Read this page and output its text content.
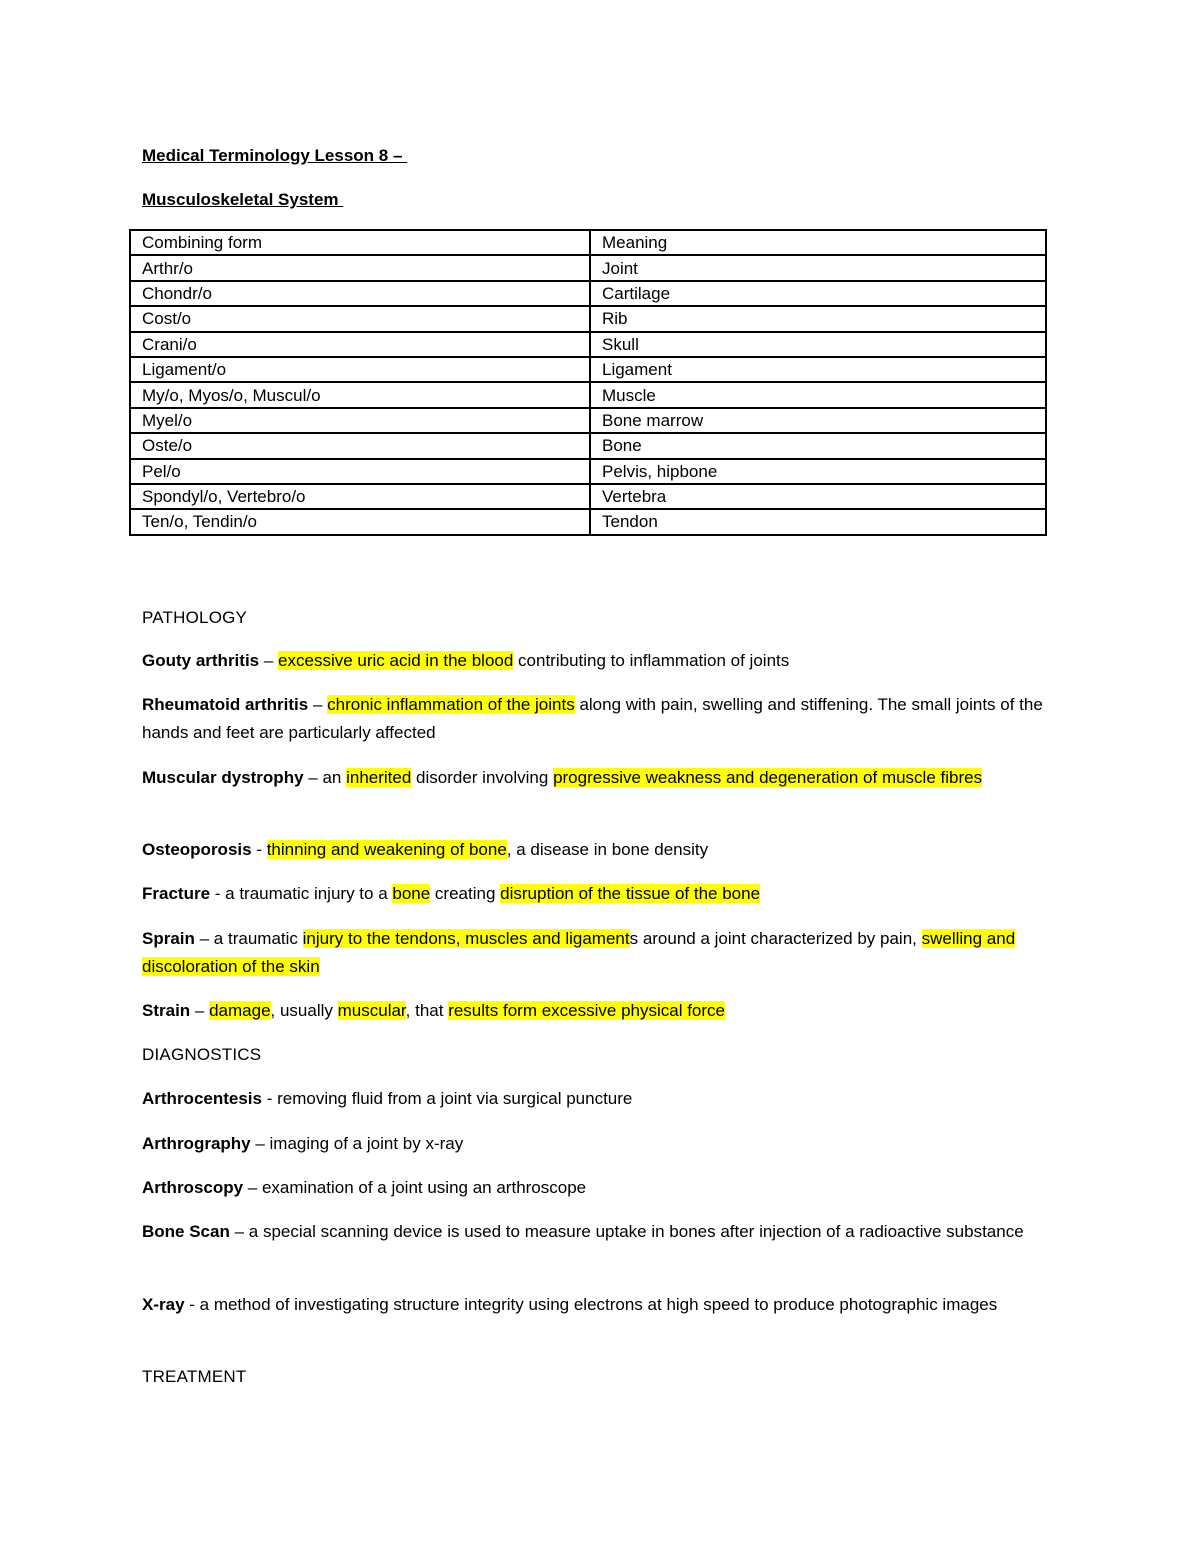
Medical Terminology Lesson 8 –
Musculoskeletal System
Combining form	Meaning
Arthr/o	Joint
Chondr/o	Cartilage
Cost/o	Rib
Crani/o	Skull
Ligament/o	Ligament
My/o, Myos/o, Muscul/o	Muscle
Myel/o	Bone marrow
Oste/o	Bone
Pel/o	Pelvis, hipbone
Spondyl/o, Vertebro/o	Vertebra
Ten/o, Tendin/o	Tendon
PATHOLOGY
Gouty arthritis – excessive uric acid in the blood contributing to inflammation of joints
Rheumatoid arthritis – chronic inflammation of the joints along with pain, swelling and stiffening. The small joints of the hands and feet are particularly affected
Muscular dystrophy – an inherited disorder involving progressive weakness and degeneration of muscle fibres
Osteoporosis - thinning and weakening of bone, a disease in bone density
Fracture - a traumatic injury to a bone creating disruption of the tissue of the bone
Sprain – a traumatic injury to the tendons, muscles and ligaments around a joint characterized by pain, swelling and discoloration of the skin
Strain – damage, usually muscular, that results form excessive physical force
DIAGNOSTICS
Arthrocentesis - removing fluid from a joint via surgical puncture
Arthrography – imaging of a joint by x-ray
Arthroscopy – examination of a joint using an arthroscope
Bone Scan – a special scanning device is used to measure uptake in bones after injection of a radioactive substance
X-ray - a method of investigating structure integrity using electrons at high speed to produce photographic images
TREATMENT
